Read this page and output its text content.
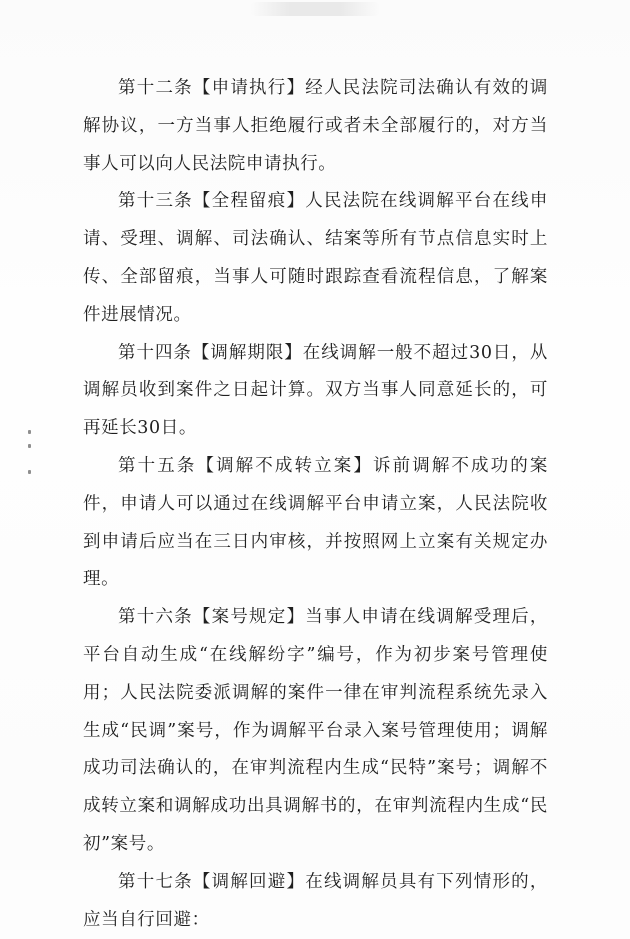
第十二条【申请执行】经人民法院司法确认有效的调解协议，一方当事人拒绝履行或者未全部履行的，对方当事人可以向人民法院申请执行。

第十三条【全程留痕】人民法院在线调解平台在线申请、受理、调解、司法确认、结案等所有节点信息实时上传、全部留痕，当事人可随时跟踪查看流程信息，了解案件进展情况。

第十四条【调解期限】在线调解一般不超过30日，从调解员收到案件之日起计算。双方当事人同意延长的，可再延长30日。

第十五条【调解不成转立案】诉前调解不成功的案件，申请人可以通过在线调解平台申请立案，人民法院收到申请后应当在三日内审核，并按照网上立案有关规定办理。

第十六条【案号规定】当事人申请在线调解受理后，平台自动生成“在线解纷字”编号，作为初步案号管理使用；人民法院委派调解的案件一律在审判流程系统先录入生成“民调”案号，作为调解平台录入案号管理使用；调解成功司法确认的，在审判流程内生成“民特”案号；调解不成转立案和调解成功出具调解书的，在审判流程内生成“民初”案号。

第十七条【调解回避】在线调解员具有下列情形的，应当自行回避：
